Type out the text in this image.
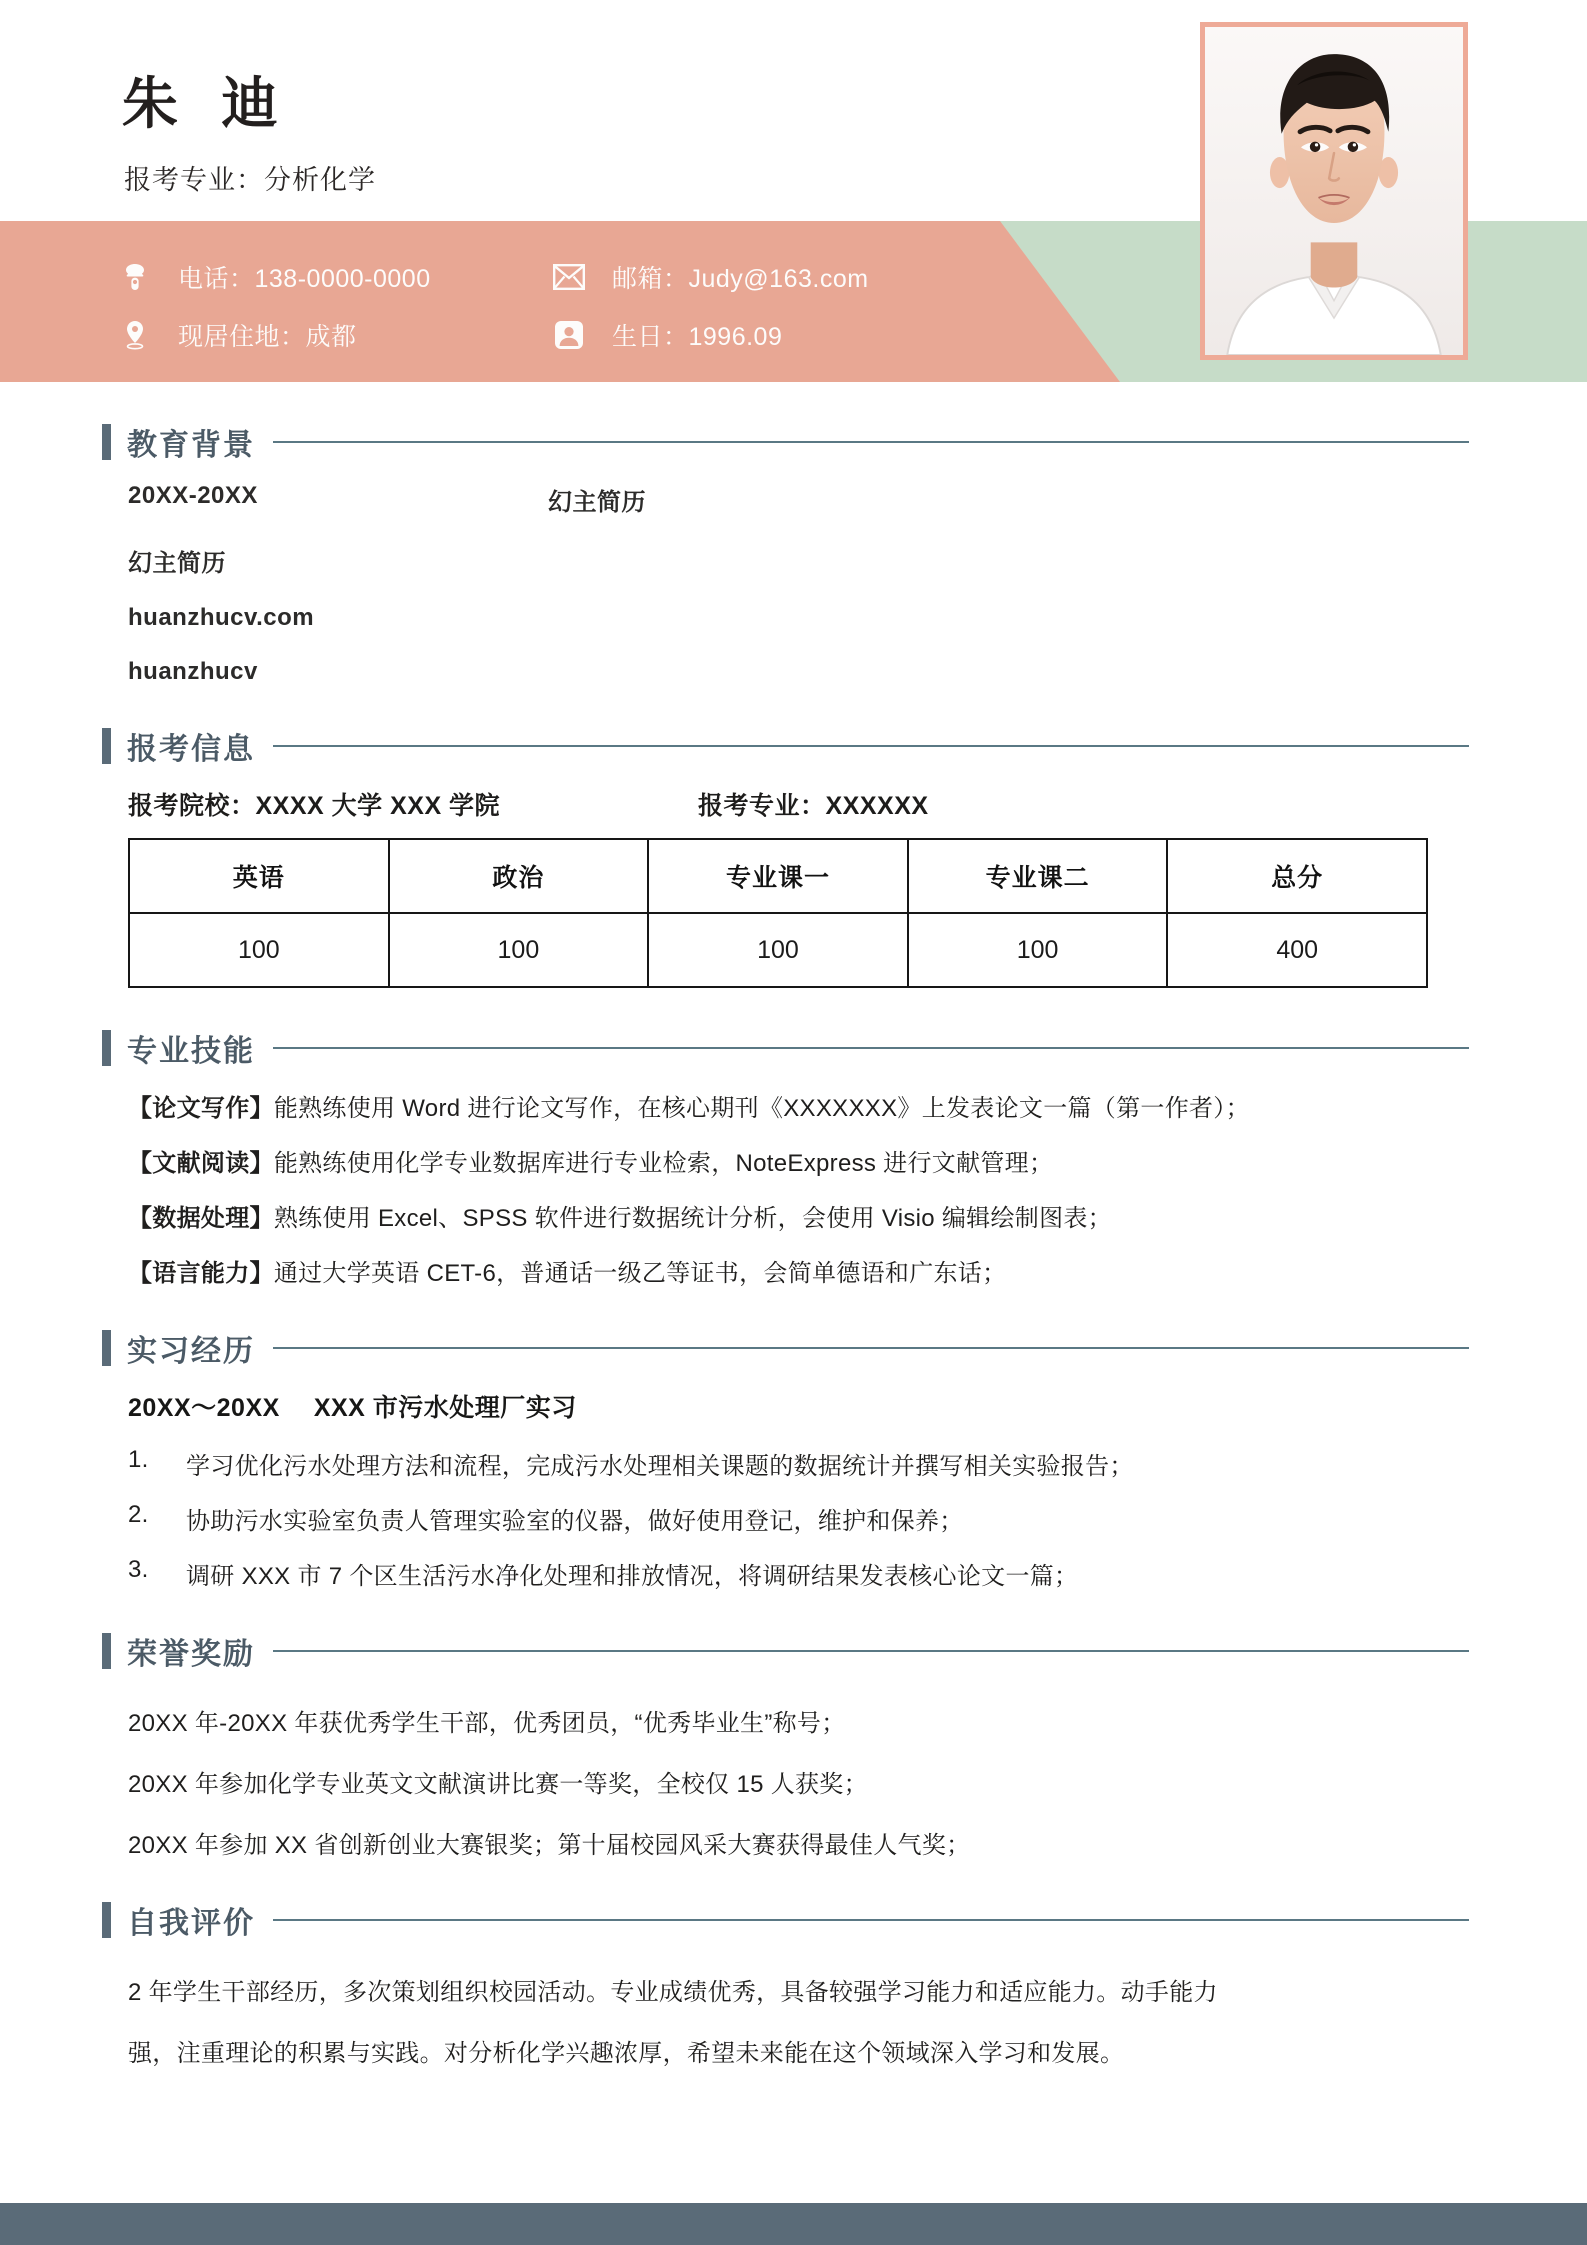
朱 迪
报考专业：分析化学
电话：138-0000-0000
现居住地：成都
邮箱：Judy@163.com
生日：1996.09
教育背景
20XX-20XX	幻主简历
幻主简历
huanzhucv.com
huanzhucv
报考信息
报考院校：XXXX 大学 XXX 学院	报考专业：XXXXXX
英语	政治	专业课一	专业课二	总分
100	100	100	100	400
专业技能
【论文写作】能熟练使用 Word 进行论文写作，在核心期刊《XXXXXXX》上发表论文一篇（第一作者）；
【文献阅读】能熟练使用化学专业数据库进行专业检索，NoteExpress 进行文献管理；
【数据处理】熟练使用 Excel、SPSS 软件进行数据统计分析，会使用 Visio 编辑绘制图表；
【语言能力】通过大学英语 CET-6，普通话一级乙等证书，会简单德语和广东话；
实习经历
20XX～20XX XXX 市污水处理厂实习
1.	学习优化污水处理方法和流程，完成污水处理相关课题的数据统计并撰写相关实验报告；
2.	协助污水实验室负责人管理实验室的仪器，做好使用登记，维护和保养；
3.	调研 XXX 市 7 个区生活污水净化处理和排放情况，将调研结果发表核心论文一篇；
荣誉奖励
20XX 年-20XX 年获优秀学生干部，优秀团员，“优秀毕业生”称号；
20XX 年参加化学专业英文文献演讲比赛一等奖，全校仅 15 人获奖；
20XX 年参加 XX 省创新创业大赛银奖；第十届校园风采大赛获得最佳人气奖；
自我评价
2 年学生干部经历，多次策划组织校园活动。专业成绩优秀，具备较强学习能力和适应能力。动手能力
强，注重理论的积累与实践。对分析化学兴趣浓厚，希望未来能在这个领域深入学习和发展。
